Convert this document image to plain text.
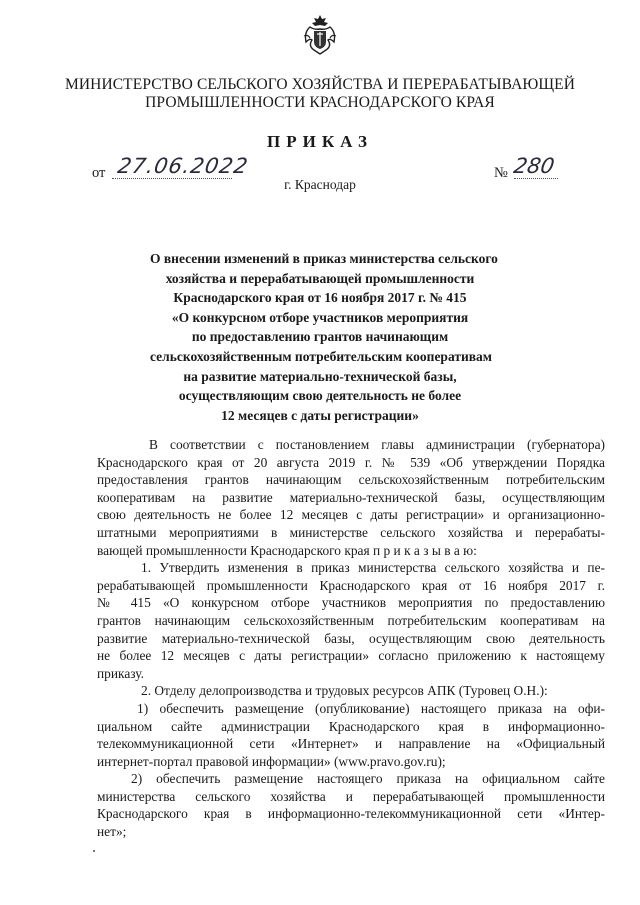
МИНИСТЕРСТВО СЕЛЬСКОГО ХОЗЯЙСТВА И ПЕРЕРАБАТЫВАЮЩЕЙ
ПРОМЫШЛЕННОСТИ КРАСНОДАРСКОГО КРАЯ
ПРИКАЗ
от 27.06.2022	№ 280
г. Краснодар
О внесении изменений в приказ министерства сельского
хозяйства и перерабатывающей промышленности
Краснодарского края от 16 ноября 2017 г. № 415
«О конкурсном отборе участников мероприятия
по предоставлению грантов начинающим
сельскохозяйственным потребительским кооперативам
на развитие материально-технической базы,
осуществляющим свою деятельность не более
12 месяцев с даты регистрации»
В соответствии с постановлением главы администрации (губернатора)
Краснодарского края от 20 августа 2019 г. № 539 «Об утверждении Порядка
предоставления грантов начинающим сельскохозяйственным потребительским
кооперативам на развитие материально-технической базы, осуществляющим
свою деятельность не более 12 месяцев с даты регистрации» и организационно-
штатными мероприятиями в министерстве сельского хозяйства и перерабаты-
вающей промышленности Краснодарского края п р и к а з ы в а ю:
1. Утвердить изменения в приказ министерства сельского хозяйства и пе-
рерабатывающей промышленности Краснодарского края от 16 ноября 2017 г.
№ 415 «О конкурсном отборе участников мероприятия по предоставлению
грантов начинающим сельскохозяйственным потребительским кооперативам на
развитие материально-технической базы, осуществляющим свою деятельность
не более 12 месяцев с даты регистрации» согласно приложению к настоящему
приказу.
2. Отделу делопроизводства и трудовых ресурсов АПК (Туровец О.Н.):
1) обеспечить размещение (опубликование) настоящего приказа на офи-
циальном сайте администрации Краснодарского края в информационно-
телекоммуникационной сети «Интернет» и направление на «Официальный
интернет-портал правовой информации» (www.pravo.gov.ru);
2) обеспечить размещение настоящего приказа на официальном сайте
министерства сельского хозяйства и перерабатывающей промышленности
Краснодарского края в информационно-телекоммуникационной сети «Интер-
нет»;
